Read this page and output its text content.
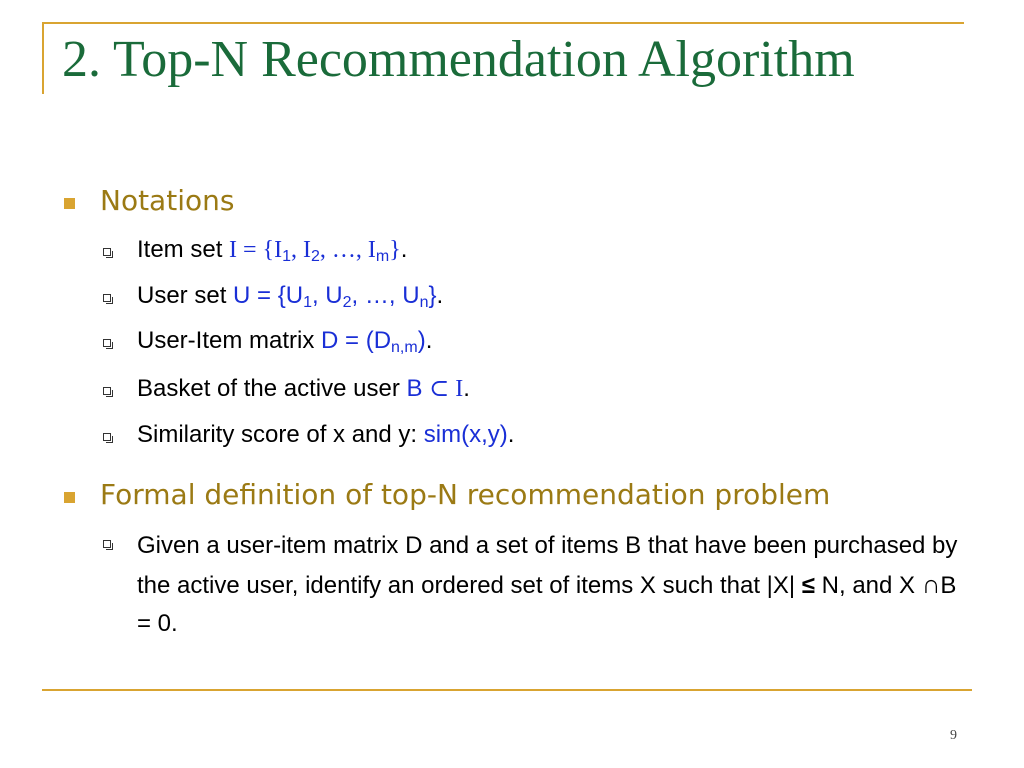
2. Top-N Recommendation Algorithm
Notations
Item set $I = \{I_1$, $I_2$, …, $I_m$}.
User set $U = \{U_1$, $U_2$, …, $U_n$}.
User-Item matrix $D = (D_{n,m})$.
Basket of the active user B ⊂ I.
Similarity score of x and y: sim(x,y).
Formal definition of top-N recommendation problem
Given a user-item matrix D and a set of items B that have been purchased by the active user, identify an ordered set of items X such that |X| ≤ N, and X ∩B = 0.
9
